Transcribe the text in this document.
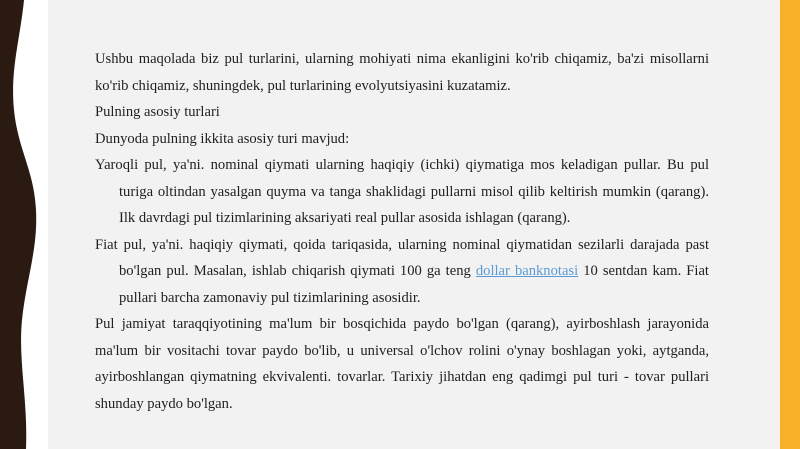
Ushbu maqolada biz pul turlarini, ularning mohiyati nima ekanligini ko'rib chiqamiz, ba'zi misollarni ko'rib chiqamiz, shuningdek, pul turlarining evolyutsiyasini kuzatamiz.

Pulning asosiy turlari

Dunyoda pulning ikkita asosiy turi mavjud:

Yaroqli pul, ya'ni. nominal qiymati ularning haqiqiy (ichki) qiymatiga mos keladigan pullar. Bu pul turiga oltindan yasalgan quyma va tanga shaklidagi pullarni misol qilib keltirish mumkin (qarang). Ilk davrdagi pul tizimlarining aksariyati real pullar asosida ishlagan (qarang).

Fiat pul, ya'ni. haqiqiy qiymati, qoida tariqasida, ularning nominal qiymatidan sezilarli darajada past bo'lgan pul. Masalan, ishlab chiqarish qiymati 100 ga teng dollar banknotasi 10 sentdan kam. Fiat pullari barcha zamonaviy pul tizimlarining asosidir.

Pul jamiyat taraqqiyotining ma'lum bir bosqichida paydo bo'lgan (qarang), ayirboshlash jarayonida ma'lum bir vositachi tovar paydo bo'lib, u universal o'lchov rolini o'ynay boshlagan yoki, aytganda, ayirboshlangan qiymatning ekvivalenti. tovarlar. Tarixiy jihatdan eng qadimgi pul turi - tovar pullari shunday paydo bo'lgan.
